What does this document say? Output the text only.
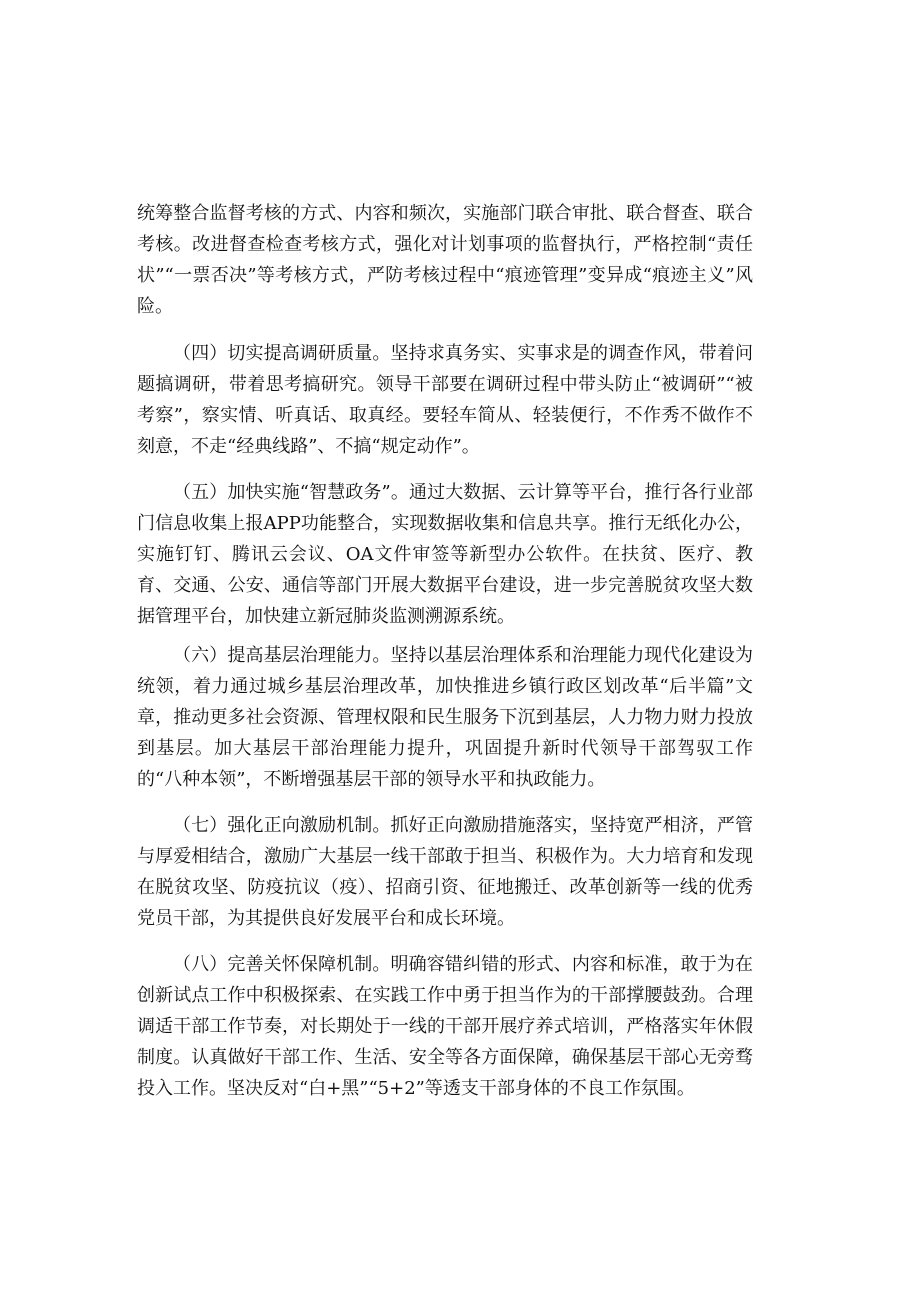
统筹整合监督考核的方式、内容和频次，实施部门联合审批、联合督查、联合考核。改进督查检查考核方式，强化对计划事项的监督执行，严格控制“责任状”“一票否决”等考核方式，严防考核过程中“痕迹管理”变异成“痕迹主义”风险。

（四）切实提高调研质量。坚持求真务实、实事求是的调查作风，带着问题搞调研，带着思考搞研究。领导干部要在调研过程中带头防止“被调研”“被考察”，察实情、听真话、取真经。要轻车简从、轻装便行，不作秀不做作不刻意，不走“经典线路”、不搞“规定动作”。

（五）加快实施“智慧政务”。通过大数据、云计算等平台，推行各行业部门信息收集上报APP功能整合，实现数据收集和信息共享。推行无纸化办公，实施钉钉、腾讯云会议、OA文件审签等新型办公软件。在扶贫、医疗、教育、交通、公安、通信等部门开展大数据平台建设，进一步完善脱贫攻坚大数据管理平台，加快建立新冠肺炎监测溯源系统。

（六）提高基层治理能力。坚持以基层治理体系和治理能力现代化建设为统领，着力通过城乡基层治理改革，加快推进乡镇行政区划改革“后半篇”文章，推动更多社会资源、管理权限和民生服务下沉到基层，人力物力财力投放到基层。加大基层干部治理能力提升，巩固提升新时代领导干部驾驭工作的“八种本领”，不断增强基层干部的领导水平和执政能力。

（七）强化正向激励机制。抓好正向激励措施落实，坚持宽严相济，严管与厚爱相结合，激励广大基层一线干部敢于担当、积极作为。大力培育和发现在脱贫攻坚、防疫抗议（疫）、招商引资、征地搬迁、改革创新等一线的优秀党员干部，为其提供良好发展平台和成长环境。

（八）完善关怀保障机制。明确容错纠错的形式、内容和标准，敢于为在创新试点工作中积极探索、在实践工作中勇于担当作为的干部撑腰鼓劲。合理调适干部工作节奏，对长期处于一线的干部开展疗养式培训，严格落实年休假制度。认真做好干部工作、生活、安全等各方面保障，确保基层干部心无旁骛投入工作。坚决反对“白+黑”“5+2”等透支干部身体的不良工作氛围。
